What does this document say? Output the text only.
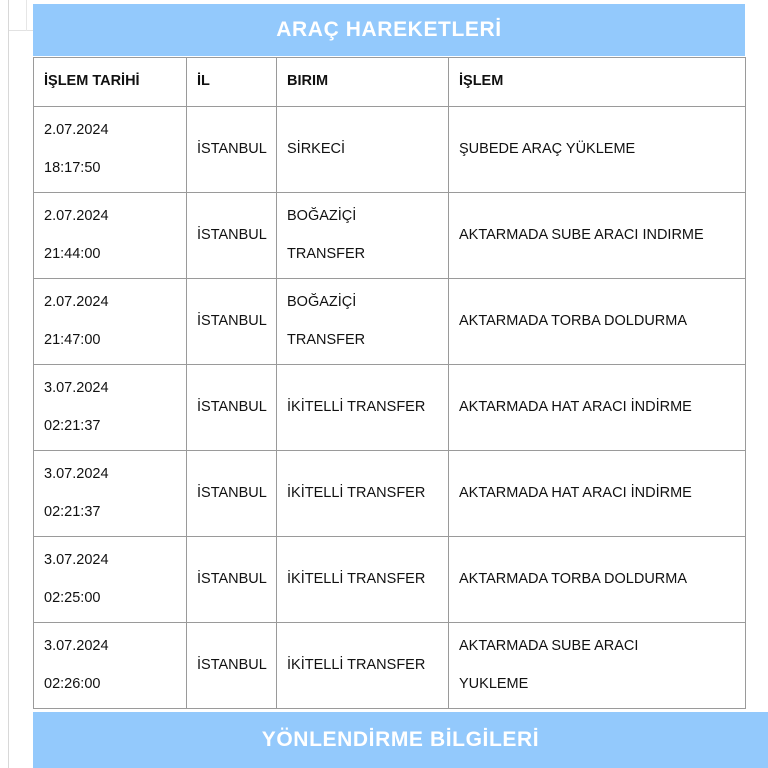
ARAÇ HAREKETLERİ
İŞLEM TARİHİ	İL	BIRIM	İŞLEM

2.07.2024
18:17:50	İSTANBUL	SİRKECİ	ŞUBEDE ARAÇ YÜKLEME

2.07.2024
21:44:00	İSTANBUL	BOĞAZİÇİ
TRANSFER	AKTARMADA SUBE ARACI INDIRME

2.07.2024
21:47:00	İSTANBUL	BOĞAZİÇİ
TRANSFER	AKTARMADA TORBA DOLDURMA

3.07.2024
02:21:37	İSTANBUL	İKİTELLİ TRANSFER	AKTARMADA HAT ARACI İNDİRME

3.07.2024
02:21:37	İSTANBUL	İKİTELLİ TRANSFER	AKTARMADA HAT ARACI İNDİRME

3.07.2024
02:25:00	İSTANBUL	İKİTELLİ TRANSFER	AKTARMADA TORBA DOLDURMA

3.07.2024
02:26:00	İSTANBUL	İKİTELLİ TRANSFER	AKTARMADA SUBE ARACI
YUKLEME
YÖNLENDİRME BİLGİLERİ
